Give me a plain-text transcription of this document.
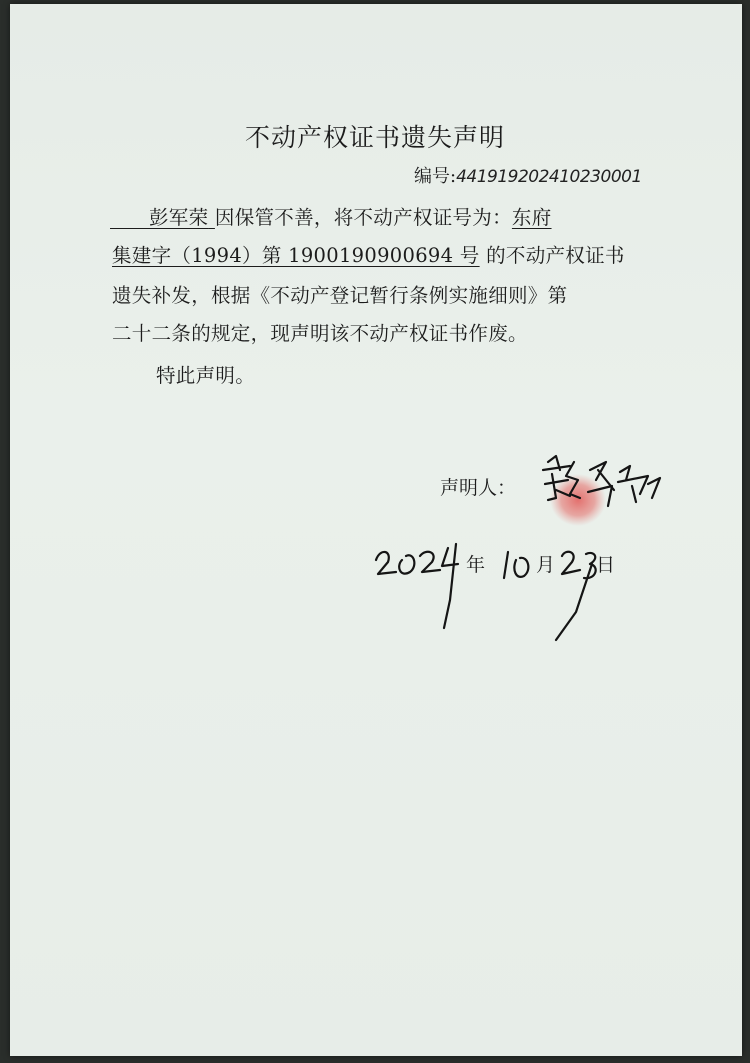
不动产权证书遗失声明
编号:441919202410230001
彭军荣 因保管不善，将不动产权证号为：东府
集建字（1994）第 1900190900694 号 的不动产权证书
遗失补发，根据《不动产登记暂行条例实施细则》第
二十二条的规定，现声明该不动产权证书作废。
特此声明。
声明人：
年	月 日
